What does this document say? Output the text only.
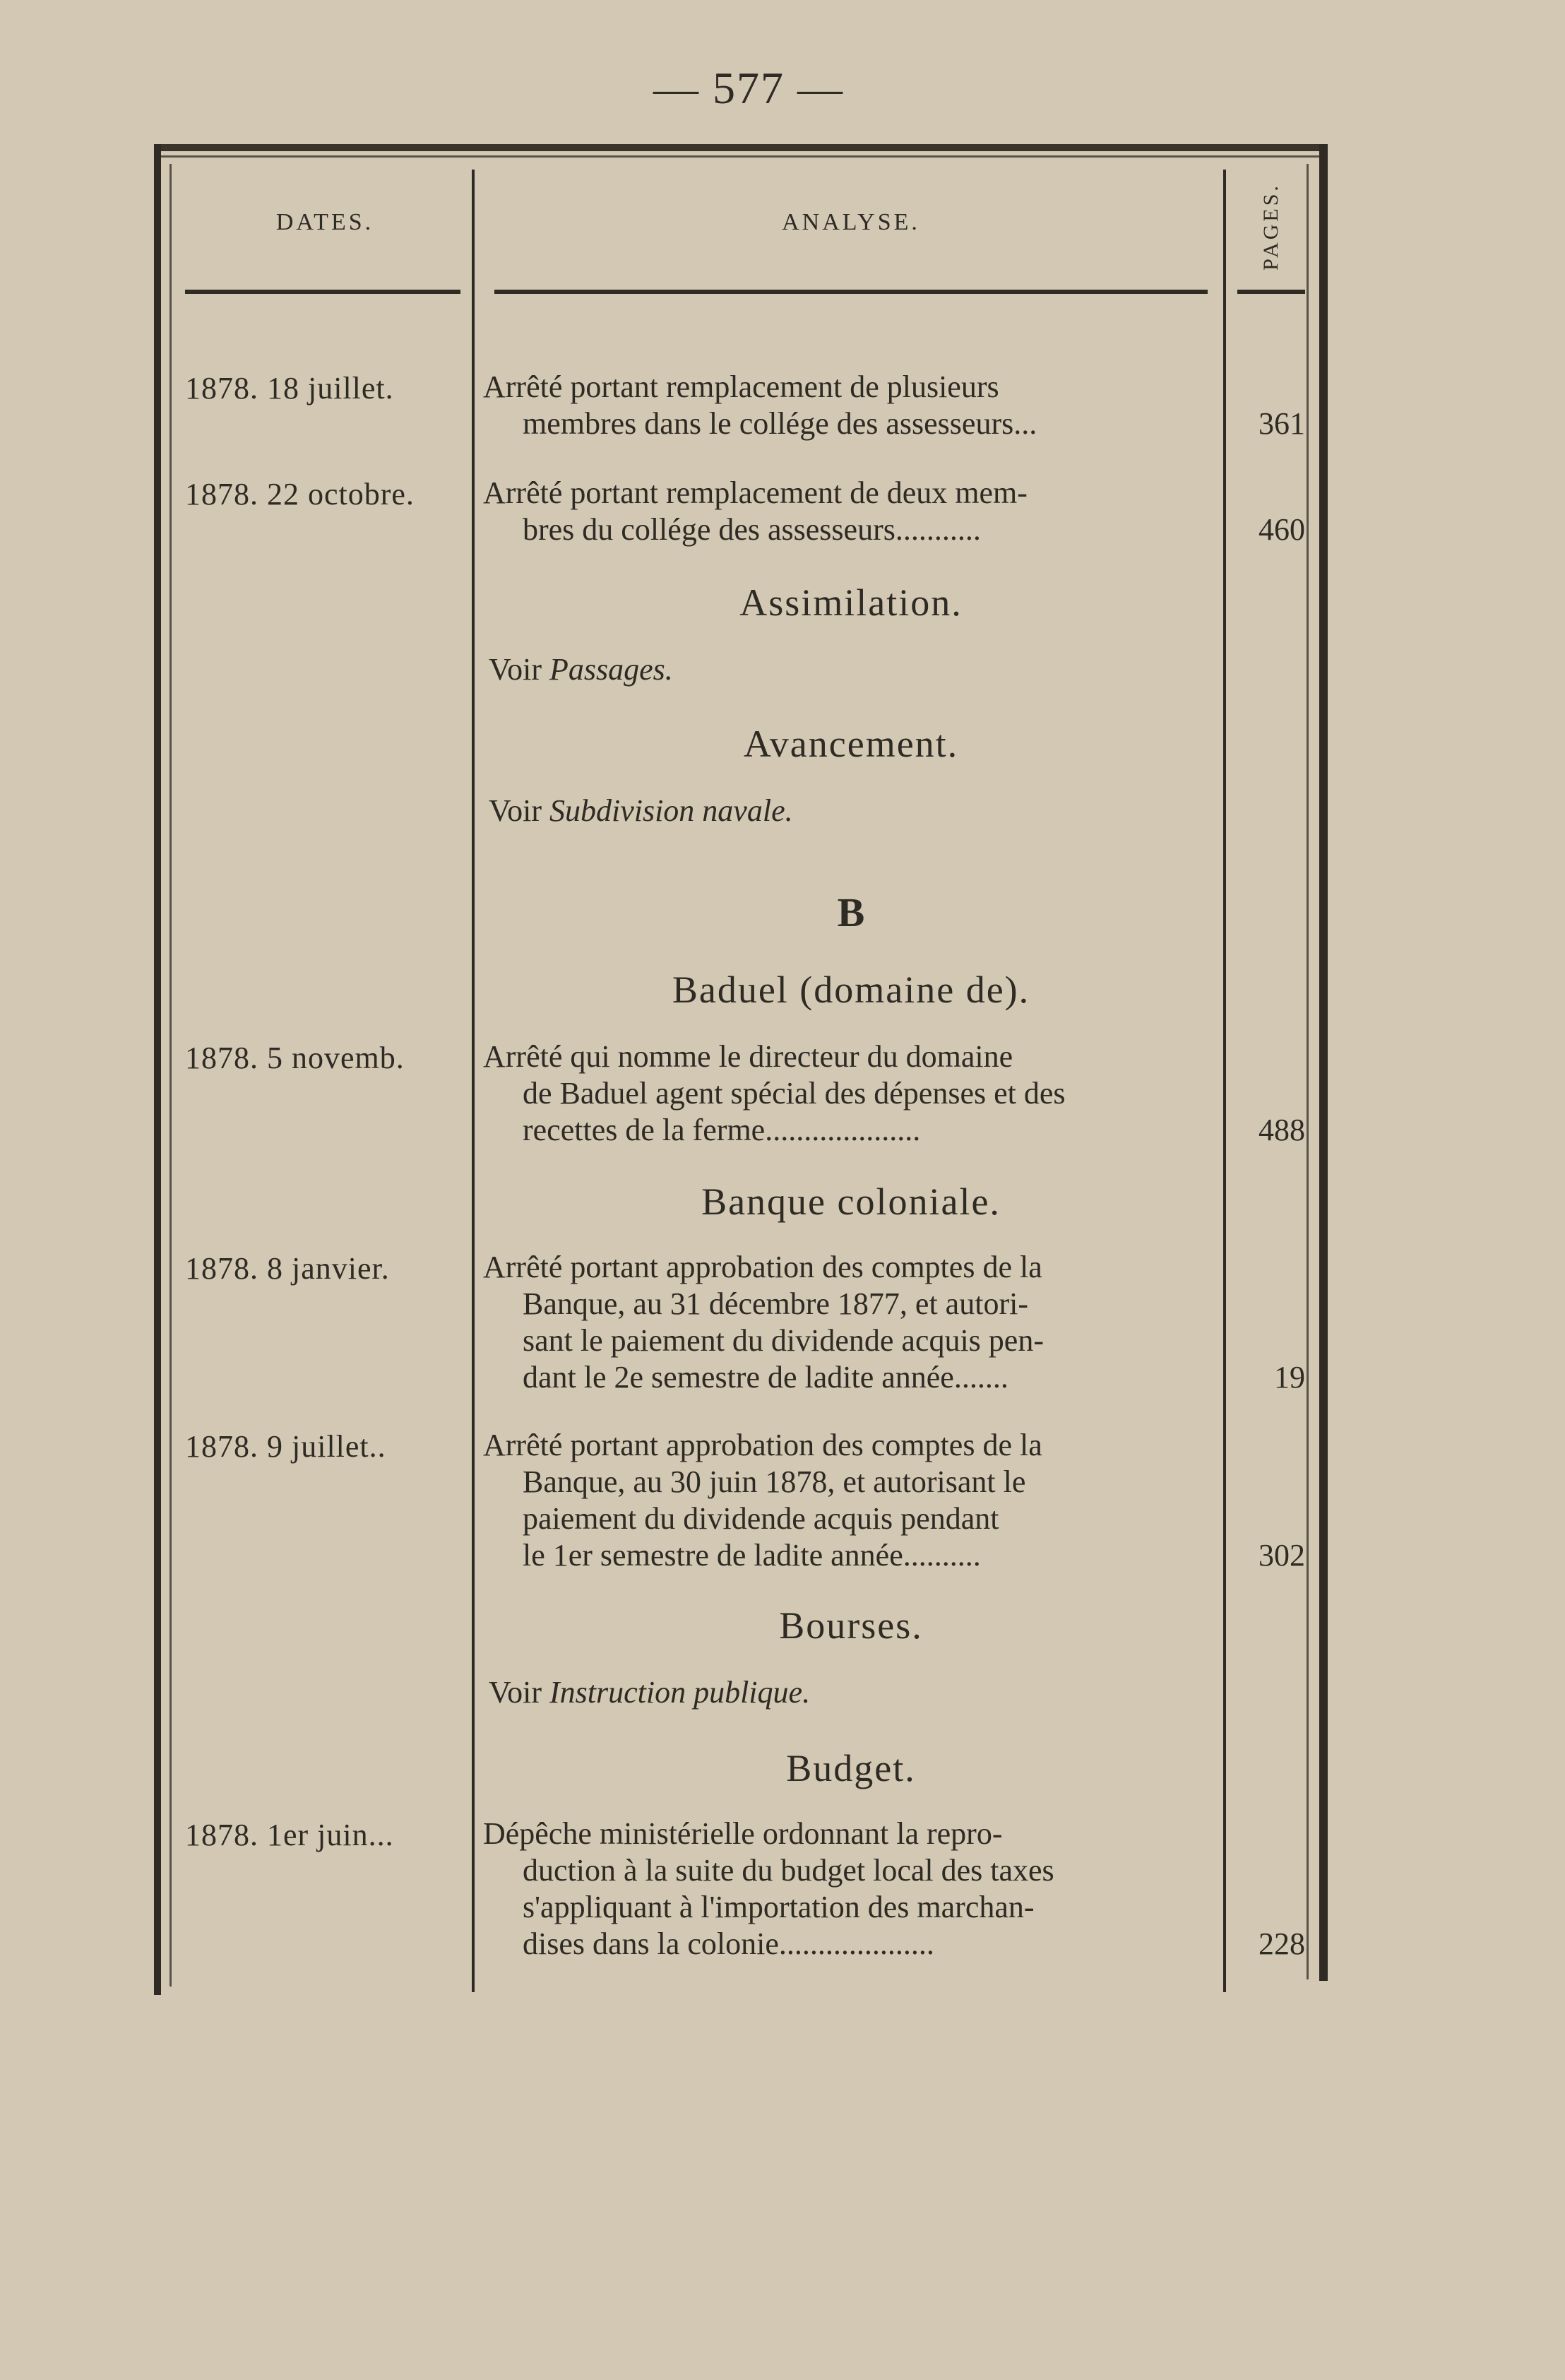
— 577 —
DATES.	ANALYSE.	PAGES.
1878. 18 juillet.	Arrêté portant remplacement de plusieurs
membres dans le collége des assesseurs...	361
1878. 22 octobre.	Arrêté portant remplacement de deux mem-
bres du collége des assesseurs...........	460
Assimilation.
Voir Passages.
Avancement.
Voir Subdivision navale.
B
Baduel (domaine de).
1878. 5 novemb.	Arrêté qui nomme le directeur du domaine
de Baduel agent spécial des dépenses et des
recettes de la ferme....................	488
Banque coloniale.
1878. 8 janvier.	Arrêté portant approbation des comptes de la
Banque, au 31 décembre 1877, et autori-
sant le paiement du dividende acquis pen-
dant le 2e semestre de ladite année.......	19
1878. 9 juillet..	Arrêté portant approbation des comptes de la
Banque, au 30 juin 1878, et autorisant le
paiement du dividende acquis pendant
le 1er semestre de ladite année..........	302
Bourses.
Voir Instruction publique.
Budget.
1878. 1er juin...	Dépêche ministérielle ordonnant la repro-
duction à la suite du budget local des taxes
s'appliquant à l'importation des marchan-
dises dans la colonie....................	228
